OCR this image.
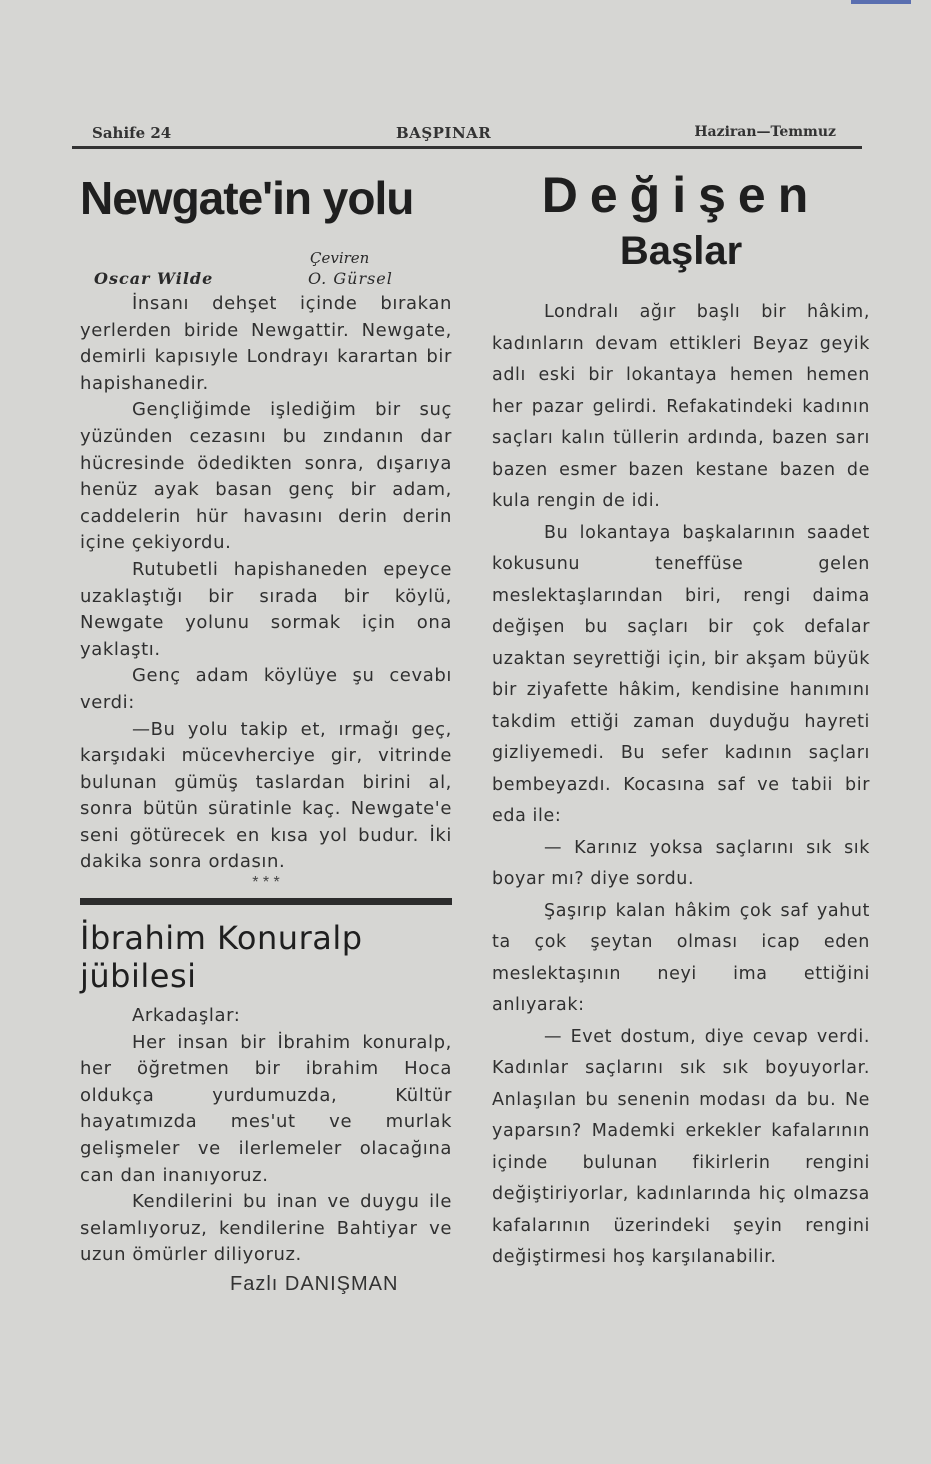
Sahife 24	BAŞPINAR	Haziran—Temmuz
Newgate'in yolu
Çeviren
Oscar Wilde	O. Gürsel

İnsanı dehşet içinde bırakan yerlerden biride Newgattir. Newgate, demirli kapısıyle Londrayı karartan bir hapishanedir.

Gençliğimde işlediğim bir suç yüzünden cezasını bu zındanın dar hücresinde ödedikten sonra, dışarıya henüz ayak basan genç bir adam, caddelerin hür havasını derin derin içine çekiyordu.

Rutubetli hapishaneden epeyce uzaklaştığı bir sırada bir köylü, Newgate yolunu sormak için ona yaklaştı.

Genç adam köylüye şu cevabı verdi:

—Bu yolu takip et, ırmağı geç, karşıdaki mücevherciye gir, vitrinde bulunan gümüş taslardan birini al, sonra bütün süratinle kaç. Newgate'e seni götürecek en kısa yol budur. İki dakika sonra ordasın.

* * *
İbrahim Konuralp jübilesi

Arkadaşlar:

Her insan bir İbrahim konuralp, her öğretmen bir ibrahim Hoca oldukça yurdumuzda, Kültür hayatımızda mes'ut ve murlak gelişmeler ve ilerlemeler olacağına can dan inanıyoruz.

Kendilerini bu inan ve duygu ile selamlıyoruz, kendilerine Bahtiyar ve uzun ömürler diliyoruz.

Fazlı DANIŞMAN
Değişen
Başlar

Londralı ağır başlı bir hâkim, kadınların devam ettikleri Beyaz geyik adlı eski bir lokantaya hemen hemen her pazar gelirdi. Refakatindeki kadının saçları kalın tüllerin ardında, bazen sarı bazen esmer bazen kestane bazen de kula rengin de idi.

Bu lokantaya başkalarının saadet kokusunu teneffüse gelen meslektaşlarından biri, rengi daima değişen bu saçları bir çok defalar uzaktan seyrettiği için, bir akşam büyük bir ziyafette hâkim, kendisine hanımını takdim ettiği zaman duyduğu hayreti gizliyemedi. Bu sefer kadının saçları bembeyazdı. Kocasına saf ve tabii bir eda ile:

— Karınız yoksa saçlarını sık sık boyar mı? diye sordu.

Şaşırıp kalan hâkim çok saf yahut ta çok şeytan olması icap eden meslektaşının neyi ima ettiğini anlıyarak:

— Evet dostum, diye cevap verdi. Kadınlar saçlarını sık sık boyuyorlar. Anlaşılan bu senenin modası da bu. Ne yaparsın? Mademki erkekler kafalarının içinde bulunan fikirlerin rengini değiştiriyorlar, kadınlarında hiç olmazsa kafalarının üzerindeki şeyin rengini değiştirmesi hoş karşılanabilir.
